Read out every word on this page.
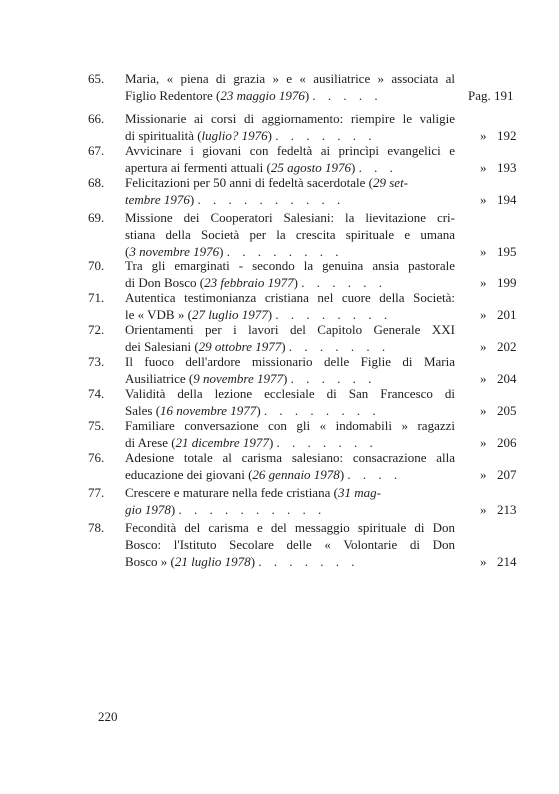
65.	Maria, « piena di grazia » e « ausiliatrice » associata al
Figlio Redentore (23 maggio 1976) . . . . .	Pag. 191
66.	Missionarie ai corsi di aggiornamento: riempire le valigie
di spiritualità (luglio? 1976) . . . . . . .	» 192
67.	Avvicinare i giovani con fedeltà ai princìpi evangelici e
apertura ai fermenti attuali (25 agosto 1976) . . .	» 193
68.	Felicitazioni per 50 anni di fedeltà sacerdotale (29 set-
tembre 1976) . . . . . . . . . .	» 194
69.	Missione dei Cooperatori Salesiani: la lievitazione cri-
stiana della Società per la crescita spirituale e umana
(3 novembre 1976) . . . . . . . .	» 195
70.	Tra gli emarginati - secondo la genuina ansia pastorale
di Don Bosco (23 febbraio 1977) . . . . . .	» 199
71.	Autentica testimonianza cristiana nel cuore della Società:
le « VDB » (27 luglio 1977) . . . . . . . .	» 201
72.	Orientamenti per i lavori del Capitolo Generale XXI
dei Salesiani (29 ottobre 1977) . . . . . . .	» 202
73.	Il fuoco dell'ardore missionario delle Figlie di Maria
Ausiliatrice (9 novembre 1977) . . . . . .	» 204
74.	Validità della lezione ecclesiale di San Francesco di
Sales (16 novembre 1977) . . . . . . . .	» 205
75.	Familiare conversazione con gli « indomabili » ragazzi
di Arese (21 dicembre 1977) . . . . . . .	» 206
76.	Adesione totale al carisma salesiano: consacrazione alla
educazione dei giovani (26 gennaio 1978) . . . .	» 207
77.	Crescere e maturare nella fede cristiana (31 mag-
gio 1978) . . . . . . . . . .	» 213
78.	Fecondità del carisma e del messaggio spirituale di Don
Bosco: l'Istituto Secolare delle « Volontarie di Don
Bosco » (21 luglio 1978) . . . . . . .	» 214
220
